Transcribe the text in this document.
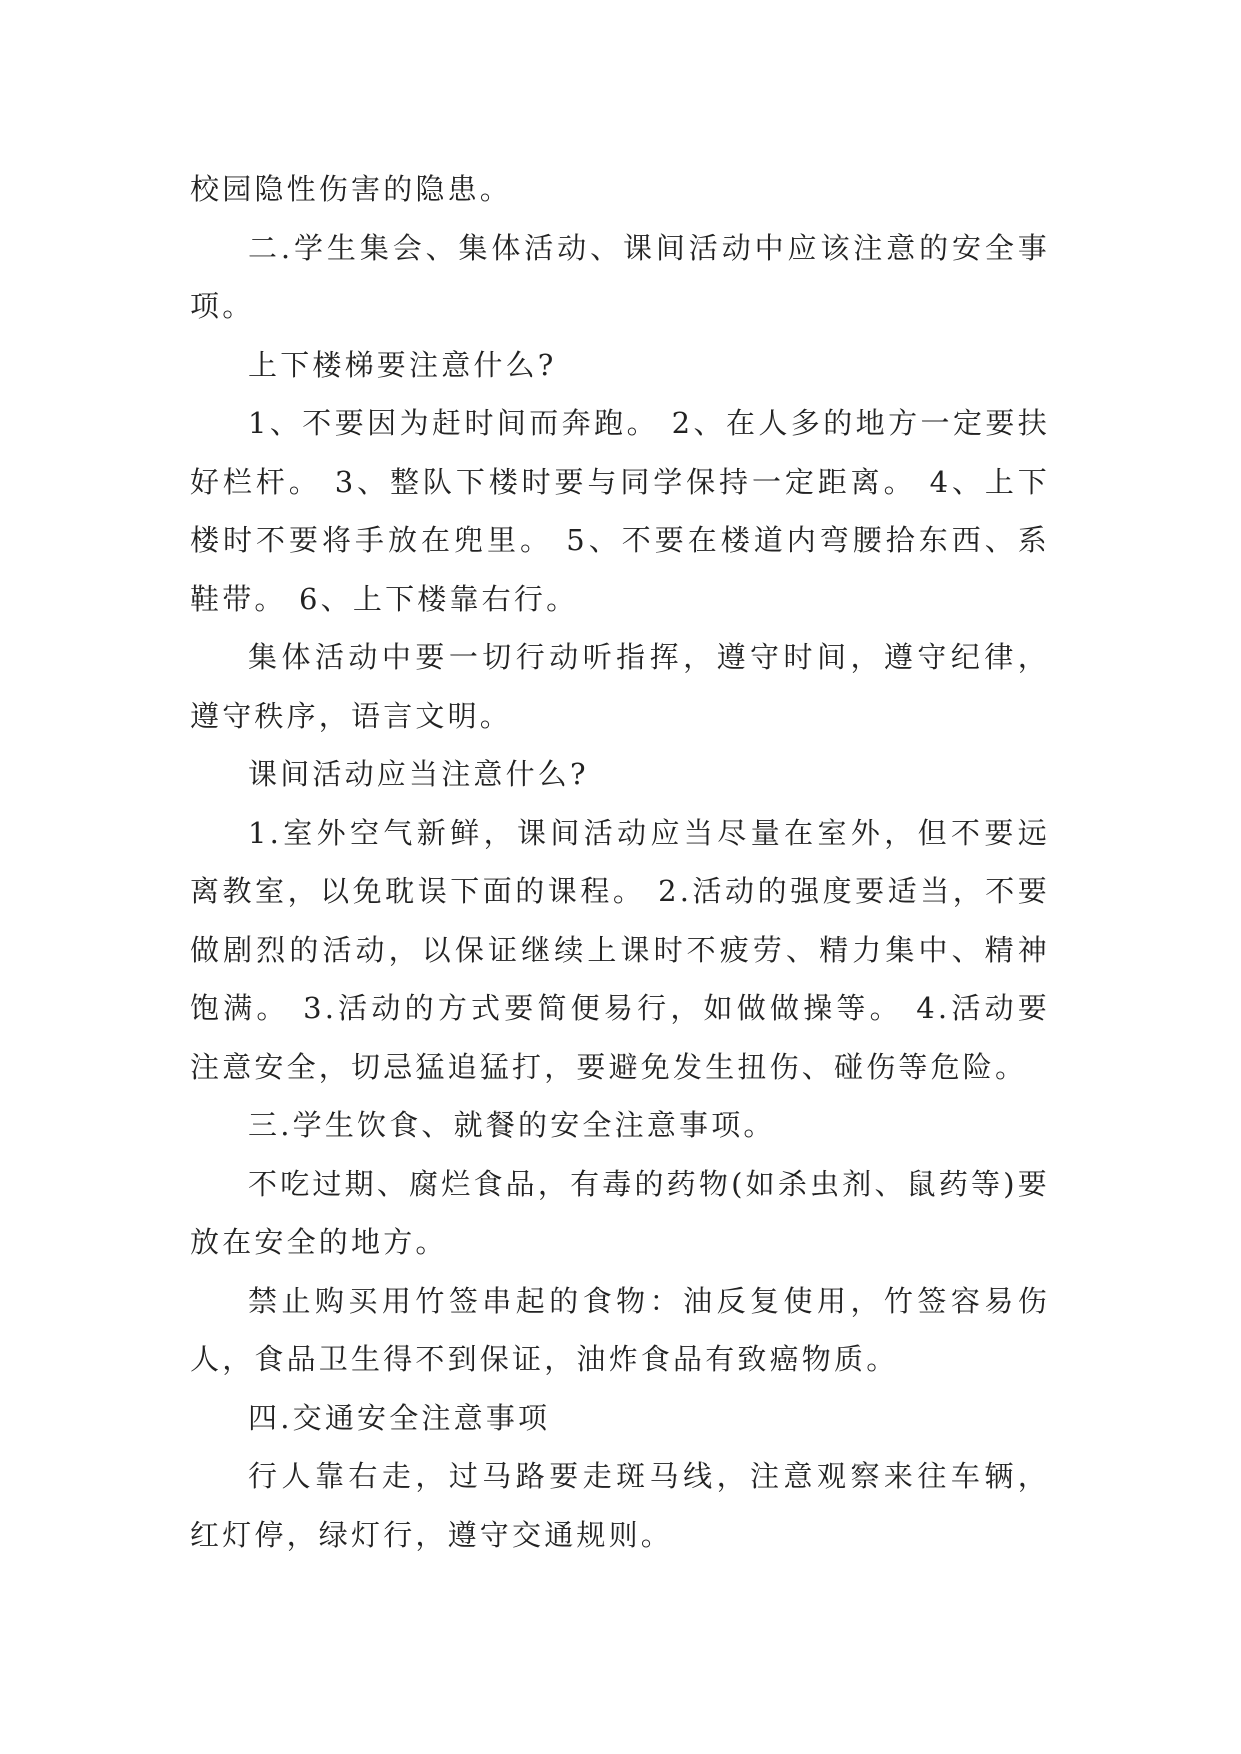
校园隐性伤害的隐患。

二.学生集会、集体活动、课间活动中应该注意的安全事项。

上下楼梯要注意什么?

1、不要因为赶时间而奔跑。 2、在人多的地方一定要扶好栏杆。 3、整队下楼时要与同学保持一定距离。 4、上下楼时不要将手放在兜里。 5、不要在楼道内弯腰拾东西、系鞋带。 6、上下楼靠右行。

集体活动中要一切行动听指挥，遵守时间，遵守纪律，遵守秩序，语言文明。

课间活动应当注意什么?

1.室外空气新鲜，课间活动应当尽量在室外，但不要远离教室，以免耽误下面的课程。 2.活动的强度要适当，不要做剧烈的活动，以保证继续上课时不疲劳、精力集中、精神饱满。 3.活动的方式要简便易行，如做做操等。 4.活动要注意安全，切忌猛追猛打，要避免发生扭伤、碰伤等危险。

三.学生饮食、就餐的安全注意事项。

不吃过期、腐烂食品，有毒的药物(如杀虫剂、鼠药等)要放在安全的地方。

禁止购买用竹签串起的食物：油反复使用，竹签容易伤人，食品卫生得不到保证，油炸食品有致癌物质。

四.交通安全注意事项

行人靠右走，过马路要走斑马线，注意观察来往车辆，红灯停，绿灯行，遵守交通规则。
